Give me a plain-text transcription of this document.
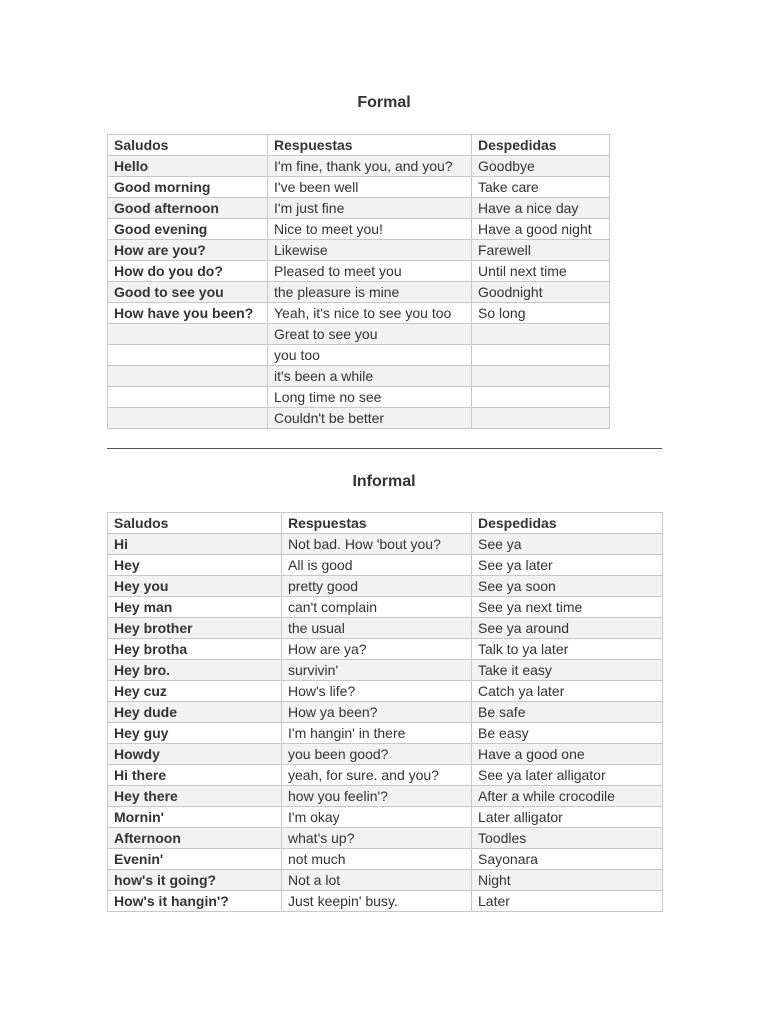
Formal
Saludos	Respuestas	Despedidas
Hello	I'm fine, thank you, and you?	Goodbye
Good morning	I've been well	Take care
Good afternoon	I'm just fine	Have a nice day
Good evening	Nice to meet you!	Have a good night
How are you?	Likewise	Farewell
How do you do?	Pleased to meet you	Until next time
Good to see you	the pleasure is mine	Goodnight
How have you been?	Yeah, it's nice to see you too	So long
	Great to see you	
	you too	
	it's been a while	
	Long time no see	
	Couldn't be better	
Informal
Saludos	Respuestas	Despedidas
Hi	Not bad. How 'bout you?	See ya
Hey	All is good	See ya later
Hey you	pretty good	See ya soon
Hey man	can't complain	See ya next time
Hey brother	the usual	See ya around
Hey brotha	How are ya?	Talk to ya later
Hey bro.	survivin'	Take it easy
Hey cuz	How's life?	Catch ya later
Hey dude	How ya been?	Be safe
Hey guy	I'm hangin' in there	Be easy
Howdy	you been good?	Have a good one
Hi there	yeah, for sure. and you?	See ya later alligator
Hey there	how you feelin'?	After a while crocodile
Mornin'	I'm okay	Later alligator
Afternoon	what's up?	Toodles
Evenin'	not much	Sayonara
how's it going?	Not a lot	Night
How's it hangin'?	Just keepin' busy.	Later
